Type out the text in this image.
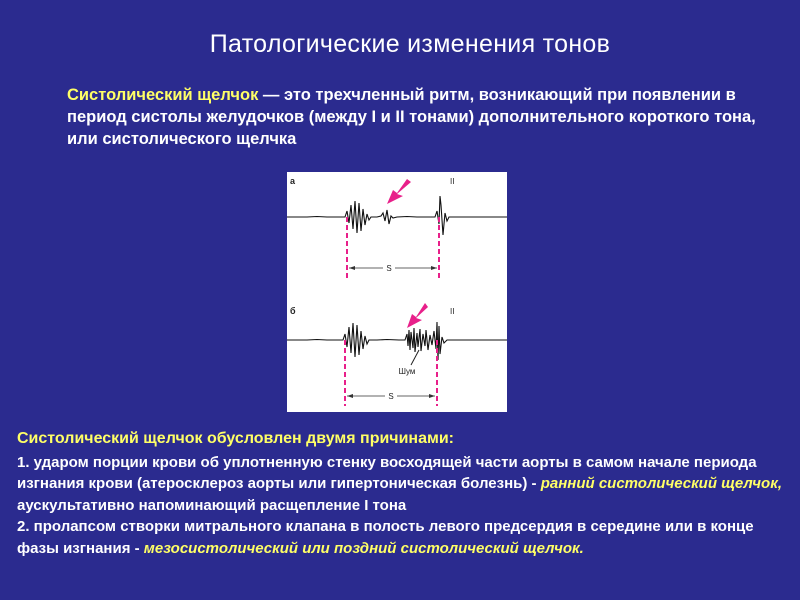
Патологические изменения тонов
Систолический щелчок — это трехчленный ритм, возникающий при появлении в период систолы желудочков (между I и II тонами) дополнительного короткого тона, или систолического щелчка
а	II
S
б	II
Шум
S
Систолический щелчок обусловлен двумя причинами:
1. ударом порции крови об уплотненную стенку восходящей части аорты в самом начале периода изгнания крови (атеросклероз аорты или гипертоническая болезнь) - ранний систолический щелчок, аускультативно напоминающий расщепление I тона
2. пролапсом створки митрального клапана в полость левого предсердия в середине или в конце фазы изгнания - мезосистолический или поздний систолический щелчок.
